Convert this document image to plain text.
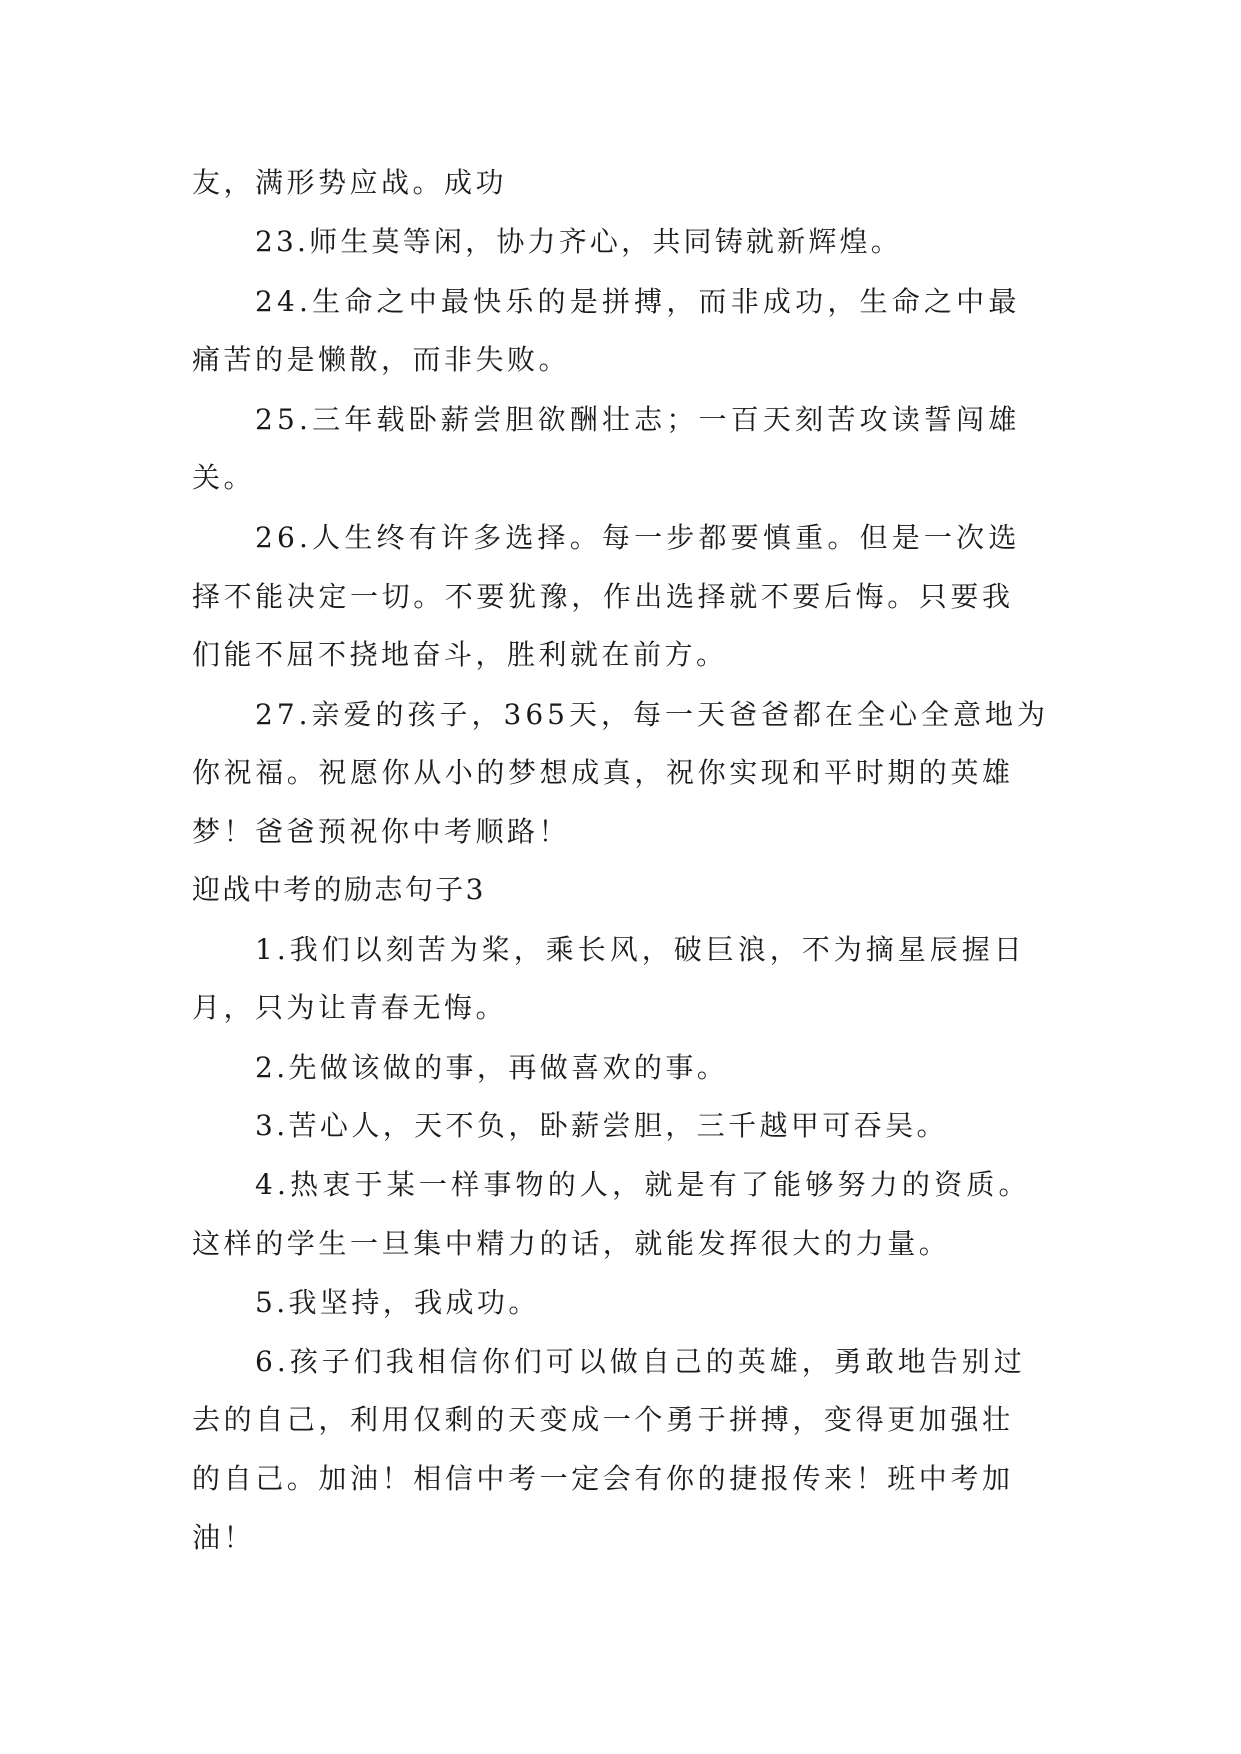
友，满形势应战。成功

23.师生莫等闲，协力齐心，共同铸就新辉煌。

24.生命之中最快乐的是拼搏，而非成功，生命之中最

痛苦的是懒散，而非失败。

25.三年载卧薪尝胆欲酬壮志；一百天刻苦攻读誓闯雄

关。

26.人生终有许多选择。每一步都要慎重。但是一次选

择不能决定一切。不要犹豫，作出选择就不要后悔。只要我

们能不屈不挠地奋斗，胜利就在前方。

27.亲爱的孩子，365天，每一天爸爸都在全心全意地为

你祝福。祝愿你从小的梦想成真，祝你实现和平时期的英雄

梦！爸爸预祝你中考顺路！

迎战中考的励志句子3

1.我们以刻苦为桨，乘长风，破巨浪，不为摘星辰握日

月，只为让青春无悔。

2.先做该做的事，再做喜欢的事。

3.苦心人，天不负，卧薪尝胆，三千越甲可吞吴。

4.热衷于某一样事物的人，就是有了能够努力的资质。

这样的学生一旦集中精力的话，就能发挥很大的力量。

5.我坚持，我成功。

6.孩子们我相信你们可以做自己的英雄，勇敢地告别过

去的自己，利用仅剩的天变成一个勇于拼搏，变得更加强壮

的自己。加油！相信中考一定会有你的捷报传来！班中考加

油！
